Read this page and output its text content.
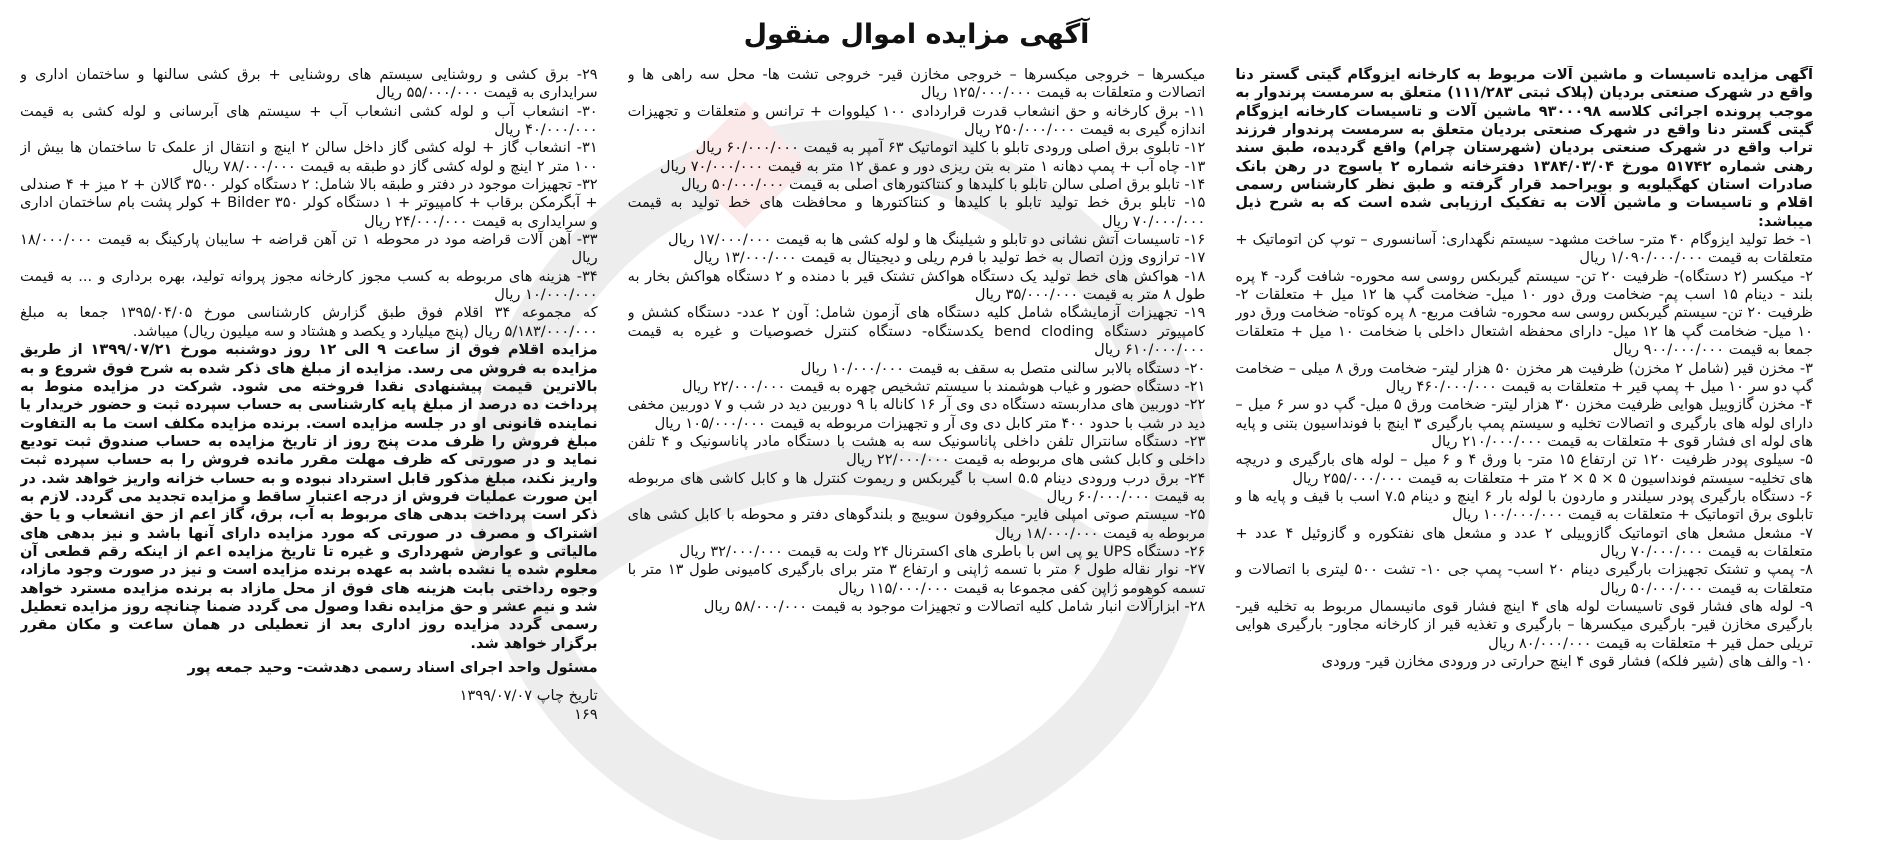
آگهی مزایده اموال منقول

آگهی مزایده تاسیسات و ماشین آلات مربوط به کارخانه ایزوگام گیتی گستر دنا واقع در شهرک صنعتی بردیان (پلاک ثبتی ۱۱۱/۲۸۳) متعلق به سرمست پرندوار به موجب پرونده اجرائی کلاسه ۹۳۰۰۰۹۸ ماشین آلات و تاسیسات کارخانه ایزوگام گیتی گستر دنا واقع در شهرک صنعتی بردیان متعلق به سرمست پرندوار فرزند تراب واقع در شهرک صنعتی بردیان (شهرستان چرام) واقع گردیده، طبق سند رهنی شماره ۵۱۷۴۲ مورخ ۱۳۸۴/۰۳/۰۴ دفترخانه شماره ۲ یاسوج در رهن بانک صادرات استان کهگیلویه و بویراحمد قرار گرفته و طبق نظر کارشناس رسمی اقلام و تاسیسات و ماشین آلات به تفکیک ارزیابی شده است که به شرح ذیل میباشد:

۱- خط تولید ایزوگام ۴۰ متر- ساخت مشهد- سیستم نگهداری: آسانسوری – توپ کن اتوماتیک + متعلقات به قیمت ۱/۰۹۰/۰۰۰/۰۰۰ ریال

۲- میکسر (۲ دستگاه)- ظرفیت ۲۰ تن- سیستم گیربکس روسی سه محوره- شافت گرد- ۴ پره بلند - دینام ۱۵ اسب پم- ضخامت ورق دور ۱۰ میل- ضخامت گپ ها ۱۲ میل + متعلقات ۲- ظرفیت ۲۰ تن- سیستم گیربکس روسی سه محوره- شافت مربع- ۸ پره کوتاه- ضخامت ورق دور ۱۰ میل- ضخامت گپ ها ۱۲ میل- دارای محفظه اشتعال داخلی با ضخامت ۱۰ میل + متعلقات جمعا به قیمت ۹۰۰/۰۰۰/۰۰۰ ریال

۳- مخزن قیر (شامل ۲ مخزن) ظرفیت هر مخزن ۵۰ هزار لیتر- ضخامت ورق ۸ میلی – ضخامت گپ دو سر ۱۰ میل + پمپ قیر + متعلقات به قیمت ۴۶۰/۰۰۰/۰۰۰ ریال

۴- مخزن گازوییل هوایی ظرفیت مخزن ۳۰ هزار لیتر- ضخامت ورق ۵ میل- گپ دو سر ۶ میل – دارای لوله های بارگیری و اتصالات تخلیه و سیستم پمپ بارگیری ۳ اینچ با فونداسیون بتنی و پایه های لوله ای فشار قوی + متعلقات به قیمت ۲۱۰/۰۰۰/۰۰۰ ریال

۵- سیلوی پودر ظرفیت ۱۲۰ تن ارتفاع ۱۵ متر- با ورق ۴ و ۶ میل – لوله های بارگیری و دریچه های تخلیه- سیستم فونداسیون ۵ × ۵ × ۲ متر + متعلقات به قیمت ۲۵۵/۰۰۰/۰۰۰ ریال

۶- دستگاه بارگیری پودر سیلندر و ماردون با لوله بار ۶ اینچ و دینام ۷.۵ اسب با قیف و پایه ها و تابلوی برق اتوماتیک + متعلقات به قیمت ۱۰۰/۰۰۰/۰۰۰ ریال

۷- مشعل مشعل های اتوماتیک گازوییلی ۲ عدد و مشعل های نفتکوره و گازوئیل ۴ عدد + متعلقات به قیمت ۷۰/۰۰۰/۰۰۰ ریال

۸- پمپ و تشتک تجهیزات بارگیری دینام ۲۰ اسب- پمپ جی ۱۰- تشت ۵۰۰ لیتری با اتصالات و متعلقات به قیمت ۵۰/۰۰۰/۰۰۰ ریال

۹- لوله های فشار قوی تاسیسات لوله های ۴ اینچ فشار قوی مانیسمال مربوط به تخلیه قیر- بارگیری مخازن قیر- بارگیری میکسرها – بارگیری و تغذیه قیر از کارخانه مجاور- بارگیری هوایی تریلی حمل قیر + متعلقات به قیمت ۸۰/۰۰۰/۰۰۰ ریال

۱۰- والف های (شیر فلکه) فشار قوی ۴ اینچ حرارتی در ورودی مخازن قیر- ورودی

میکسرها – خروجی میکسرها – خروجی مخازن قیر- خروجی تشت ها- محل سه راهی ها و اتصالات و متعلقات به قیمت ۱۲۵/۰۰۰/۰۰۰ ریال

۱۱- برق کارخانه و حق انشعاب قدرت قراردادی ۱۰۰ کیلووات + ترانس و متعلقات و تجهیزات اندازه گیری به قیمت ۲۵۰/۰۰۰/۰۰۰ ریال

۱۲- تابلوی برق اصلی ورودی تابلو با کلید اتوماتیک ۶۳ آمپر به قیمت ۶۰/۰۰۰/۰۰۰ ریال

۱۳- چاه آب + پمپ دهانه ۱ متر به بتن ریزی دور و عمق ۱۲ متر به قیمت ۷۰/۰۰۰/۰۰۰ ریال

۱۴- تابلو برق اصلی سالن تابلو با کلیدها و کنتاکتورهای اصلی به قیمت ۵۰/۰۰۰/۰۰۰ ریال

۱۵- تابلو برق خط تولید تابلو با کلیدها و کنتاکتورها و محافظت های خط تولید به قیمت ۷۰/۰۰۰/۰۰۰ ریال

۱۶- تاسیسات آتش نشانی دو تابلو و شیلینگ ها و لوله کشی ها به قیمت ۱۷/۰۰۰/۰۰۰ ریال

۱۷- ترازوی وزن اتصال به خط تولید با فرم ریلی و دیجیتال به قیمت ۱۳/۰۰۰/۰۰۰ ریال

۱۸- هواکش های خط تولید یک دستگاه هواکش تشتک قیر با دمنده و ۲ دستگاه هواکش بخار به طول ۸ متر به قیمت ۳۵/۰۰۰/۰۰۰ ریال

۱۹- تجهیزات آزمایشگاه شامل کلیه دستگاه های آزمون شامل: آون ۲ عدد- دستگاه کشش و کامپیوتر دستگاه bend cloding یکدستگاه- دستگاه کنترل خصوصیات و غیره به قیمت ۶۱۰/۰۰۰/۰۰۰ ریال

۲۰- دستگاه بالابر سالنی متصل به سقف به قیمت ۱۰/۰۰۰/۰۰۰ ریال

۲۱- دستگاه حضور و غیاب هوشمند با سیستم تشخیص چهره به قیمت ۲۲/۰۰۰/۰۰۰ ریال

۲۲- دوربین های مداربسته دستگاه دی وی آر ۱۶ کاناله با ۹ دوربین دید در شب و ۷ دوربین مخفی دید در شب با حدود ۴۰۰ متر کابل دی وی آر و تجهیزات مربوطه به قیمت ۱۰۵/۰۰۰/۰۰۰ ریال

۲۳- دستگاه سانترال تلفن داخلی پاناسونیک سه به هشت با دستگاه مادر پاناسونیک و ۴ تلفن داخلی و کابل کشی های مربوطه به قیمت ۲۲/۰۰۰/۰۰۰ ریال

۲۴- برق درب ورودی دینام ۵.۵ اسب با گیربکس و ریموت کنترل ها و کابل کاشی های مربوطه به قیمت ۶۰/۰۰۰/۰۰۰ ریال

۲۵- سیستم صوتی امپلی فایر- میکروفون سوییچ و بلندگوهای دفتر و محوطه با کابل کشی های مربوطه به قیمت ۱۸/۰۰۰/۰۰۰ ریال

۲۶- دستگاه UPS یو پی اس با باطری های اکسترنال ۲۴ ولت به قیمت ۳۲/۰۰۰/۰۰۰ ریال

۲۷- نوار نقاله طول ۶ متر با تسمه ژاپنی و ارتفاع ۳ متر برای بارگیری کامیونی طول ۱۳ متر با تسمه کوهومو ژاپن کفی مجموعا به قیمت ۱۱۵/۰۰۰/۰۰۰ ریال

۲۸- ابزارآلات انبار شامل کلیه اتصالات و تجهیزات موجود به قیمت ۵۸/۰۰۰/۰۰۰ ریال

۲۹- برق کشی و روشنایی سیستم های روشنایی + برق کشی سالنها و ساختمان اداری و سرایداری به قیمت ۵۵/۰۰۰/۰۰۰ ریال

۳۰- انشعاب آب و لوله کشی انشعاب آب + سیستم های آبرسانی و لوله کشی به قیمت ۴۰/۰۰۰/۰۰۰ ریال

۳۱- انشعاب گاز + لوله کشی گاز داخل سالن ۲ اینچ و انتقال از علمک تا ساختمان ها بیش از ۱۰۰ متر ۲ اینچ و لوله کشی گاز دو طبقه به قیمت ۷۸/۰۰۰/۰۰۰ ریال

۳۲- تجهیزات موجود در دفتر و طبقه بالا شامل: ۲ دستگاه کولر ۳۵۰۰ گالان + ۲ میز + ۴ صندلی + آبگرمکن برقاب + کامپیوتر + ۱ دستگاه کولر Bilder ۳۵۰ + کولر پشت بام ساختمان اداری و سرایداری به قیمت ۲۴/۰۰۰/۰۰۰ ریال

۳۳- آهن آلات قراضه مود در محوطه ۱ تن آهن قراضه + سایبان پارکینگ به قیمت ۱۸/۰۰۰/۰۰۰ ریال

۳۴- هزینه های مربوطه به کسب مجوز کارخانه مجوز پروانه تولید، بهره برداری و ... به قیمت ۱۰/۰۰۰/۰۰۰ ریال

که مجموعه ۳۴ اقلام فوق طبق گزارش کارشناسی مورخ ۱۳۹۵/۰۴/۰۵ جمعا به مبلغ ۵/۱۸۳/۰۰۰/۰۰۰ ریال (پنج میلیارد و یکصد و هشتاد و سه میلیون ریال) میباشد.

مزایده اقلام فوق از ساعت ۹ الی ۱۲ روز دوشنبه مورخ ۱۳۹۹/۰۷/۲۱ از طریق مزایده به فروش می رسد. مزایده از مبلغ های ذکر شده به شرح فوق شروع و به بالاترین قیمت پیشنهادی نقدا فروخته می شود. شرکت در مزایده منوط به پرداخت ده درصد از مبلغ پایه کارشناسی به حساب سپرده ثبت و حضور خریدار یا نماینده قانونی او در جلسه مزایده است. برنده مزایده مکلف است ما به التفاوت مبلغ فروش را ظرف مدت پنج روز از تاریخ مزایده به حساب صندوق ثبت تودیع نماید و در صورتی که ظرف مهلت مقرر مانده فروش را به حساب سپرده ثبت واریز نکند، مبلغ مذکور قابل استرداد نبوده و به حساب خزانه واریز خواهد شد. در این صورت عملیات فروش از درجه اعتبار ساقط و مزایده تجدید می گردد. لازم به ذکر است پرداخت بدهی های مربوط به آب، برق، گاز اعم از حق انشعاب و یا حق اشتراک و مصرف در صورتی که مورد مزایده دارای آنها باشد و نیز بدهی های مالیاتی و عوارض شهرداری و غیره تا تاریخ مزایده اعم از اینکه رقم قطعی آن معلوم شده یا نشده باشد به عهده برنده مزایده است و نیز در صورت وجود مازاد، وجوه رداختی بابت هزینه های فوق از محل مازاد به برنده مزایده مسترد خواهد شد و نیم عشر و حق مزایده نقدا وصول می گردد ضمنا چنانچه روز مزایده تعطیل رسمی گردد مزایده روز اداری بعد از تعطیلی در همان ساعت و مکان مقرر برگزار خواهد شد.

مسئول واحد اجرای اسناد رسمی دهدشت- وحید جمعه پور

تاریخ چاپ ۱۳۹۹/۰۷/۰۷

۱۶۹
